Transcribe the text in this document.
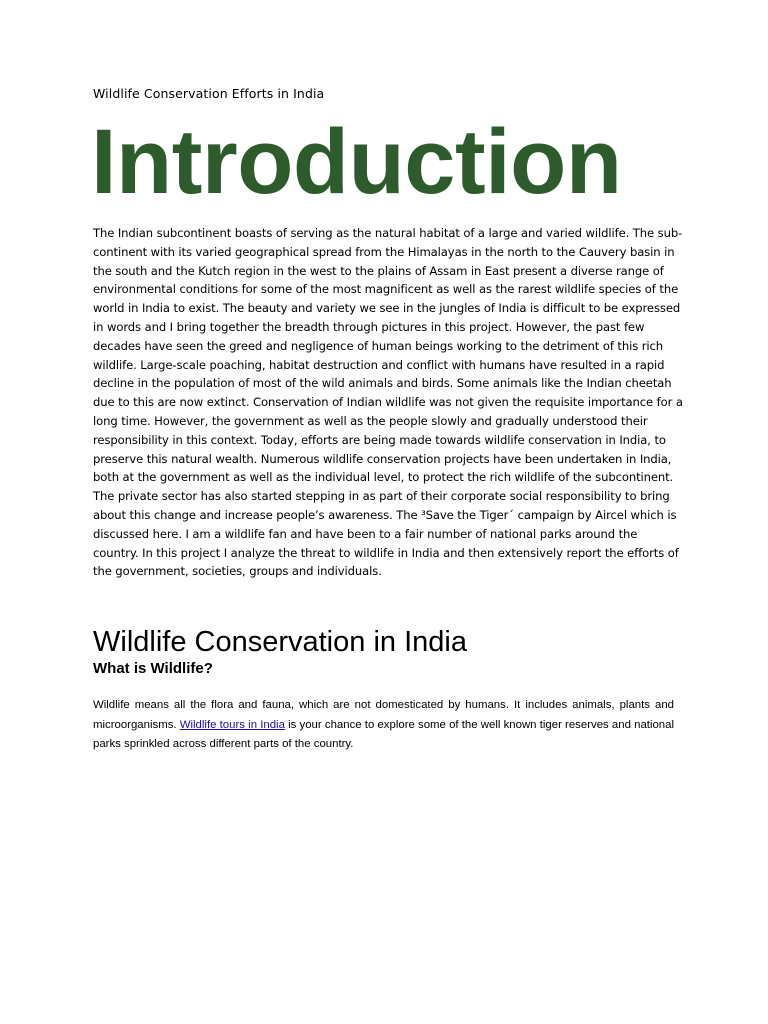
Wildlife Conservation Efforts in India
Introduction

The Indian subcontinent boasts of serving as the natural habitat of a large and varied wildlife. The sub-continent with its varied geographical spread from the Himalayas in the north to the Cauvery basin in the south and the Kutch region in the west to the plains of Assam in East present a diverse range of environmental conditions for some of the most magnificent as well as the rarest wildlife species of the world in India to exist. The beauty and variety we see in the jungles of India is difficult to be expressed in words and I bring together the breadth through pictures in this project. However, the past few decades have seen the greed and negligence of human beings working to the detriment of this rich wildlife. Large-scale poaching, habitat destruction and conflict with humans have resulted in a rapid decline in the population of most of the wild animals and birds. Some animals like the Indian cheetah due to this are now extinct. Conservation of Indian wildlife was not given the requisite importance for a long time. However, the government as well as the people slowly and gradually understood their responsibility in this context. Today, efforts are being made towards wildlife conservation in India, to preserve this natural wealth. Numerous wildlife conservation projects have been undertaken in India, both at the government as well as the individual level, to protect the rich wildlife of the subcontinent. The private sector has also started stepping in as part of their corporate social responsibility to bring about this change and increase people’s awareness. The ³Save the Tiger´ campaign by Aircel which is discussed here. I am a wildlife fan and have been to a fair number of national parks around the country. In this project I analyze the threat to wildlife in India and then extensively report the efforts of the government, societies, groups and individuals.

Wildlife Conservation in India
What is Wildlife?

Wildlife means all the flora and fauna, which are not domesticated by humans. It includes animals, plants and microorganisms. Wildlife tours in India is your chance to explore some of the well known tiger reserves and national parks sprinkled across different parts of the country.
